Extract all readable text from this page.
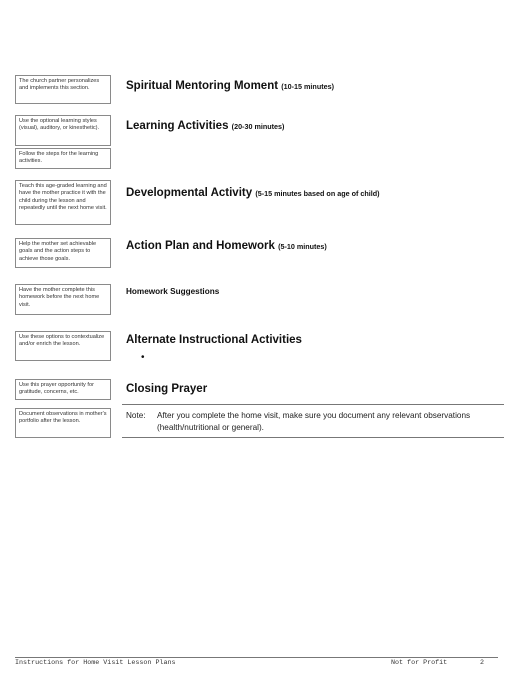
The church partner personalizes and implements this section.
Use the optional learning styles (visual), auditory, or kinesthetic).
Follow the steps for the learning activities.
Teach this age-graded learning and have the mother practice it with the child during the lesson and repeatedly until the next home visit.
Help the mother set achievable goals and the action steps to achieve those goals.
Have the mother complete this homework before the next home visit.
Use these options to contextualize and/or enrich the lesson.
Use this prayer opportunity for gratitude, concerns, etc.
Document observations in mother's portfolio after the lesson.
Spiritual Mentoring Moment (10-15 minutes)
Learning Activities (20-30 minutes)
Developmental Activity (5-15 minutes based on age of child)
Action Plan and Homework (5-10 minutes)
Homework Suggestions
Alternate Instructional Activities
•
Closing Prayer
Note: After you complete the home visit, make sure you document any relevant observations (health/nutritional or general).
Instructions for Home Visit Lesson Plans	Not for Profit	2
